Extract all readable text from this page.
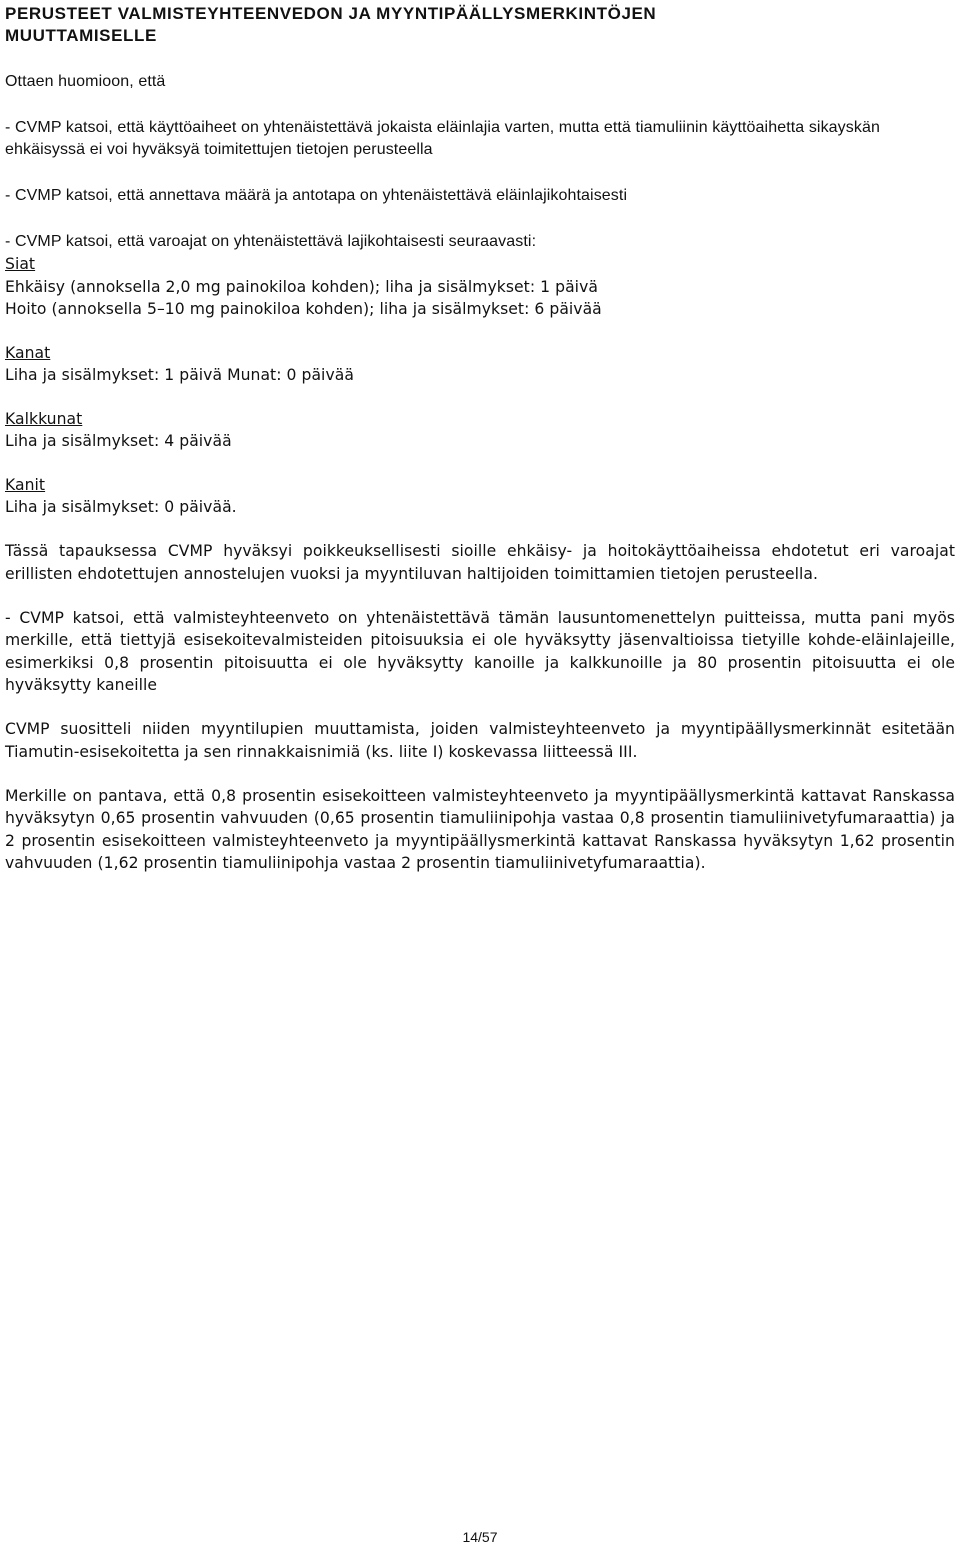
PERUSTEET VALMISTEYHTEENVEDON JA MYYNTIPÄÄLLYSMERKINTÖJEN
MUUTTAMISELLE

Ottaen huomioon, että

- CVMP katsoi, että käyttöaiheet on yhtenäistettävä jokaista eläinlajia varten, mutta että tiamuliinin käyttöaihetta sikayskän ehkäisyssä ei voi hyväksyä toimitettujen tietojen perusteella

- CVMP katsoi, että annettava määrä ja antotapa on yhtenäistettävä eläinlajikohtaisesti

- CVMP katsoi, että varoajat on yhtenäistettävä lajikohtaisesti seuraavasti:

Siat

Ehkäisy (annoksella 2,0 mg painokiloa kohden); liha ja sisälmykset: 1 päivä

Hoito (annoksella 5–10 mg painokiloa kohden); liha ja sisälmykset: 6 päivää

Kanat

Liha ja sisälmykset: 1 päivä Munat: 0 päivää

Kalkkunat

Liha ja sisälmykset: 4 päivää

Kanit

Liha ja sisälmykset: 0 päivää.

Tässä tapauksessa CVMP hyväksyi poikkeuksellisesti sioille ehkäisy- ja hoitokäyttöaiheissa ehdotetut eri varoajat erillisten ehdotettujen annostelujen vuoksi ja myyntiluvan haltijoiden toimittamien tietojen perusteella.

- CVMP katsoi, että valmisteyhteenveto on yhtenäistettävä tämän lausuntomenettelyn puitteissa, mutta pani myös merkille, että tiettyjä esisekoitevalmisteiden pitoisuuksia ei ole hyväksytty jäsenvaltioissa tietyille kohde-eläinlajeille, esimerkiksi 0,8 prosentin pitoisuutta ei ole hyväksytty kanoille ja kalkkunoille ja 80 prosentin pitoisuutta ei ole hyväksytty kaneille

CVMP suositteli niiden myyntilupien muuttamista, joiden valmisteyhteenveto ja myyntipäällysmerkinnät esitetään Tiamutin-esisekoitetta ja sen rinnakkaisnimiä (ks. liite I) koskevassa liitteessä III.

Merkille on pantava, että 0,8 prosentin esisekoitteen valmisteyhteenveto ja myyntipäällysmerkintä kattavat Ranskassa hyväksytyn 0,65 prosentin vahvuuden (0,65 prosentin tiamuliinipohja vastaa 0,8 prosentin tiamuliinivetyfumaraattia) ja 2 prosentin esisekoitteen valmisteyhteenveto ja myyntipäällysmerkintä kattavat Ranskassa hyväksytyn 1,62 prosentin vahvuuden (1,62 prosentin tiamuliinipohja vastaa 2 prosentin tiamuliinivetyfumaraattia).

14/57
